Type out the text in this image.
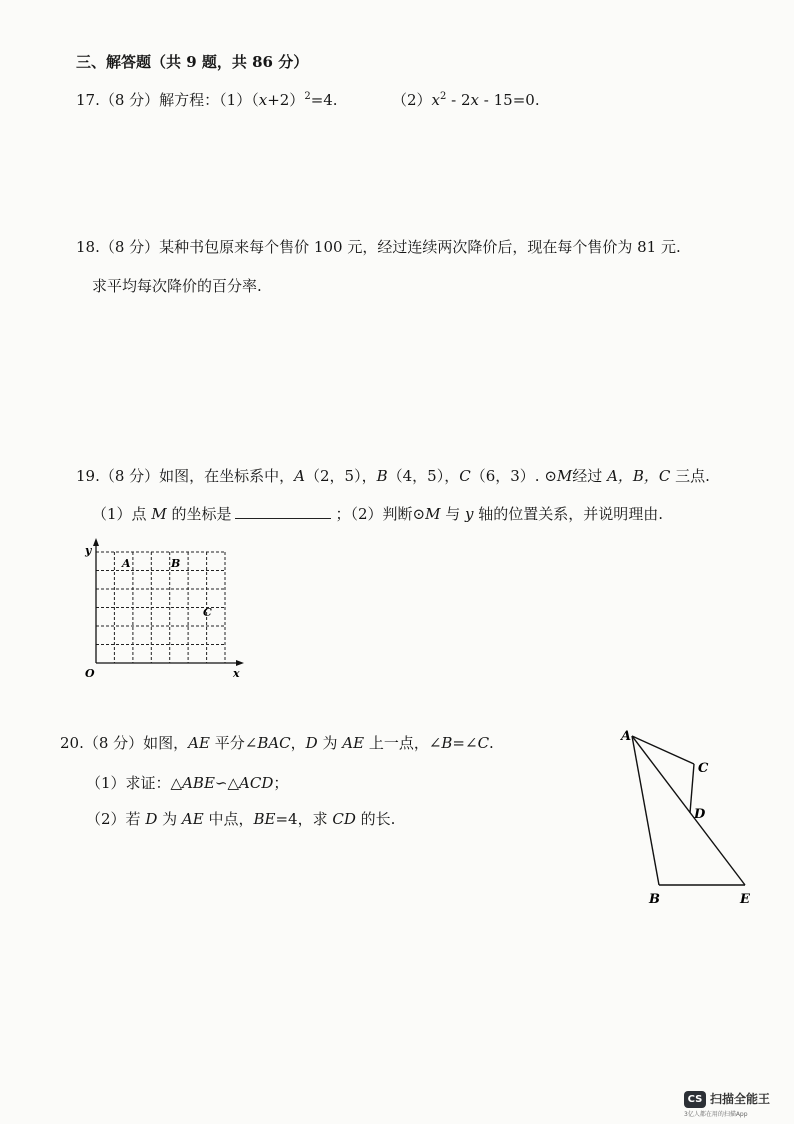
三、解答题（共 9 题，共 86 分）
17.（8 分）解方程：$(1)(x+2)^2=4$.	$(2)x^2 - 2x - 15=0$.
18.（8 分）某种书包原来每个售价 100 元，经过连续两次降价后，现在每个售价为 81 元.
求平均每次降价的百分率.
19.（8 分）如图，在坐标系中，A（2，5），B（4，5），C（6，3）. ⊙M经过 A，B，C 三点.
（1）点 M 的坐标是	；（2）判断⊙M 与 y 轴的位置关系，并说明理由.
y
x
O
A	B
C
20.（8 分）如图，AE 平分∠BAC，D 为 AE 上一点，∠B=∠C.
（1）求证：△ABE∽△ACD；
（2）若 D 为 AE 中点，BE=4，求 CD 的长.
A
C
D
B	E
CS 扫描全能王
3亿人都在用的扫描App
